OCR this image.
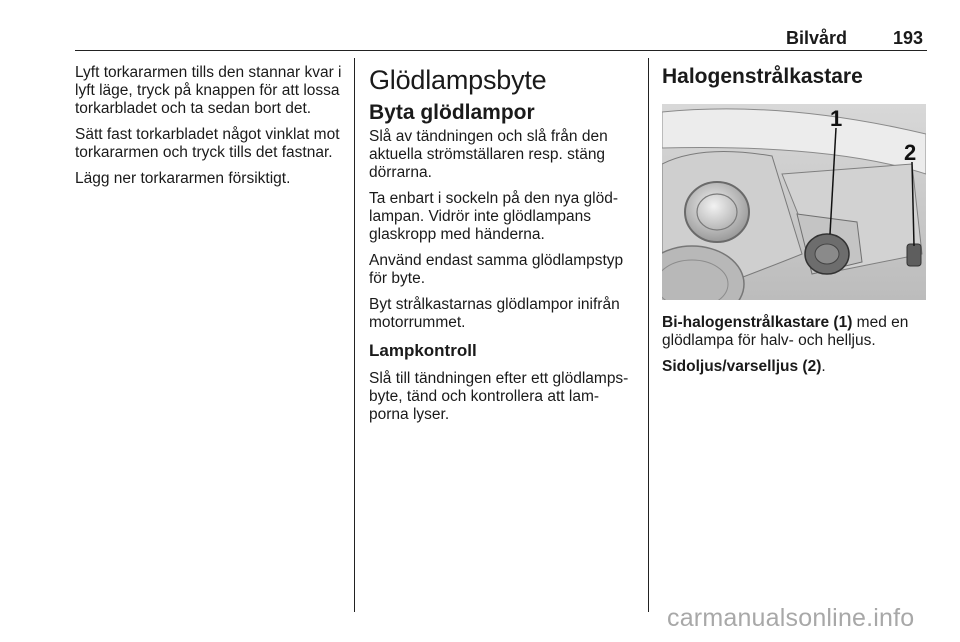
Bilvård	193

Lyft torkararmen tills den stannar kvar i lyft läge, tryck på knappen för att lossa torkarbladet och ta sedan bort det.

Sätt fast torkarbladet något vinklat mot torkararmen och tryck tills det fastnar.

Lägg ner torkararmen försiktigt.

Glödlampsbyte
Byta glödlampor

Slå av tändningen och slå från den aktuella strömställaren resp. stäng dörrarna.

Ta enbart i sockeln på den nya glöd-lampan. Vidrör inte glödlampans glaskropp med händerna.

Använd endast samma glödlampstyp för byte.

Byt strålkastarnas glödlampor inifrån motorrummet.

Lampkontroll

Slå till tändningen efter ett glödlamps-byte, tänd och kontrollera att lam-porna lyser.

Halogenstrålkastare
1
2

Bi-halogenstrålkastare (1) med en glödlampa för halv- och helljus.

Sidoljus/varselljus (2).

carmanualsonline.info
